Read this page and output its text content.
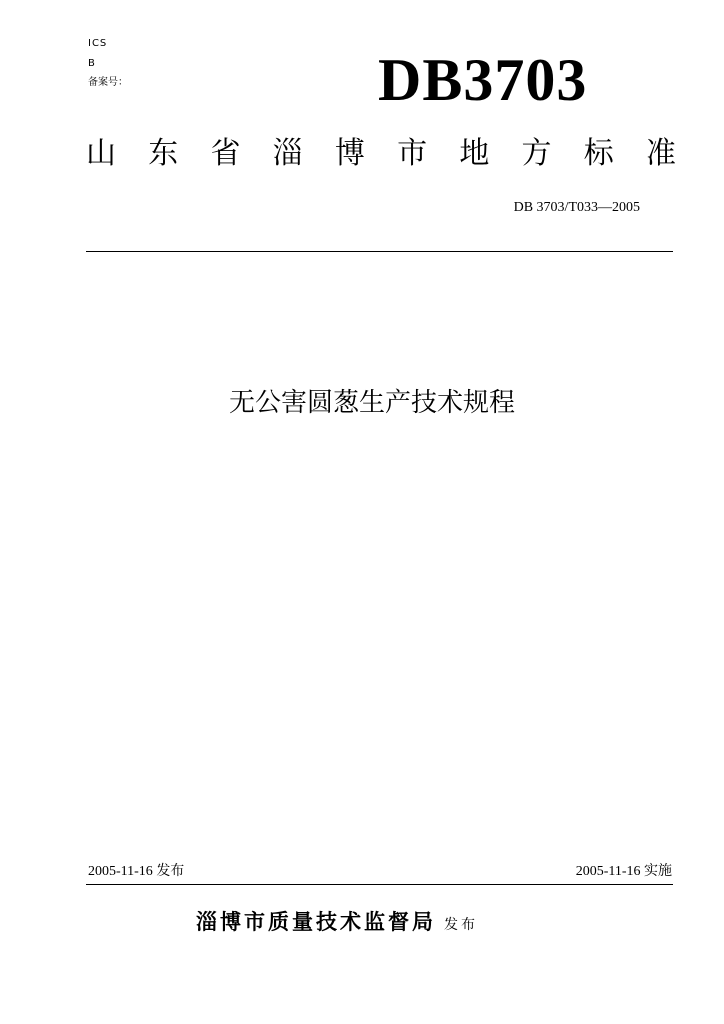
ICS
B
备案号：	DB3703
山 东 省 淄 博 市 地 方 标 准
DB 3703/T033—2005
无公害圆葱生产技术规程
2005-11-16 发布	2005-11-16 实施
淄博市质量技术监督局 发布
